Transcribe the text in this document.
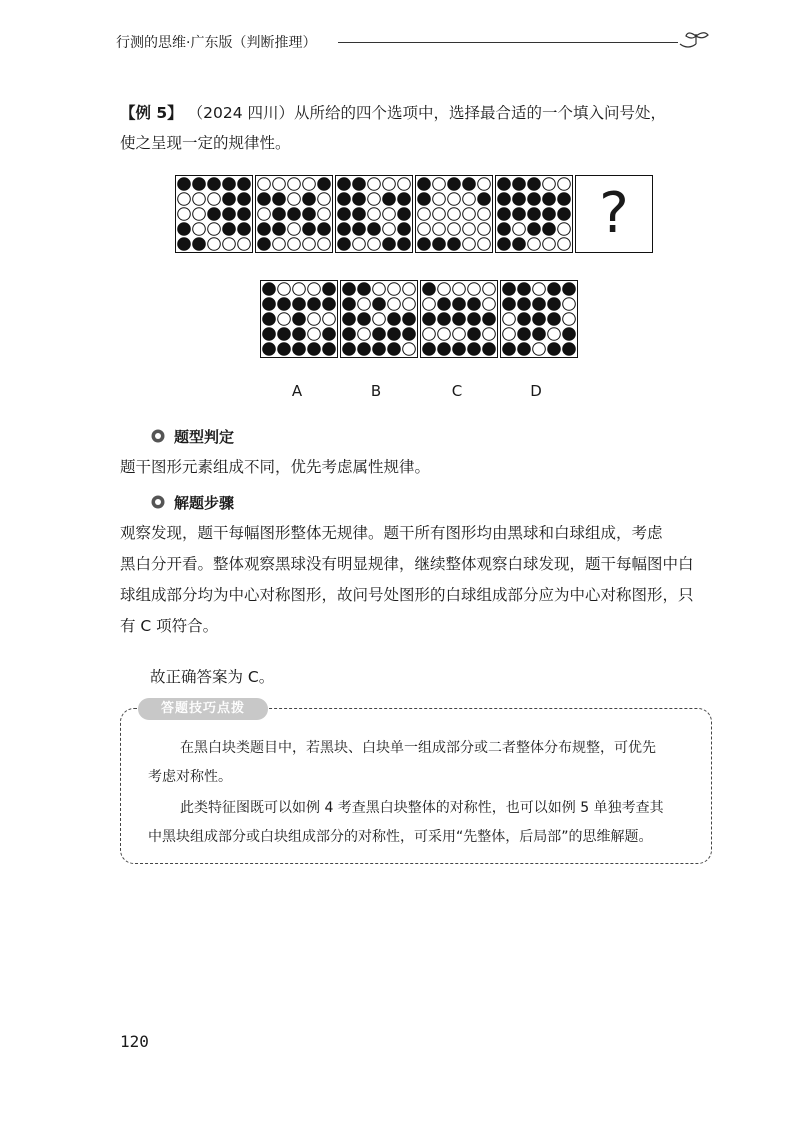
行测的思维·广东版（判断推理）
【例 5】 （2024 四川）从所给的四个选项中，选择最合适的一个填入问号处，
使之呈现一定的规律性。
?
A	B	C	D
题型判定
题干图形元素组成不同，优先考虑属性规律。
解题步骤
观察发现，题干每幅图形整体无规律。题干所有图形均由黑球和白球组成，考虑
黑白分开看。整体观察黑球没有明显规律，继续整体观察白球发现，题干每幅图中白
球组成部分均为中心对称图形，故问号处图形的白球组成部分应为中心对称图形，只
有 C 项符合。
故正确答案为 C。
答题技巧点拨
在黑白块类题目中，若黑块、白块单一组成部分或二者整体分布规整，可优先
考虑对称性。
此类特征图既可以如例 4 考查黑白块整体的对称性，也可以如例 5 单独考查其
中黑块组成部分或白块组成部分的对称性，可采用“先整体，后局部”的思维解题。
120
